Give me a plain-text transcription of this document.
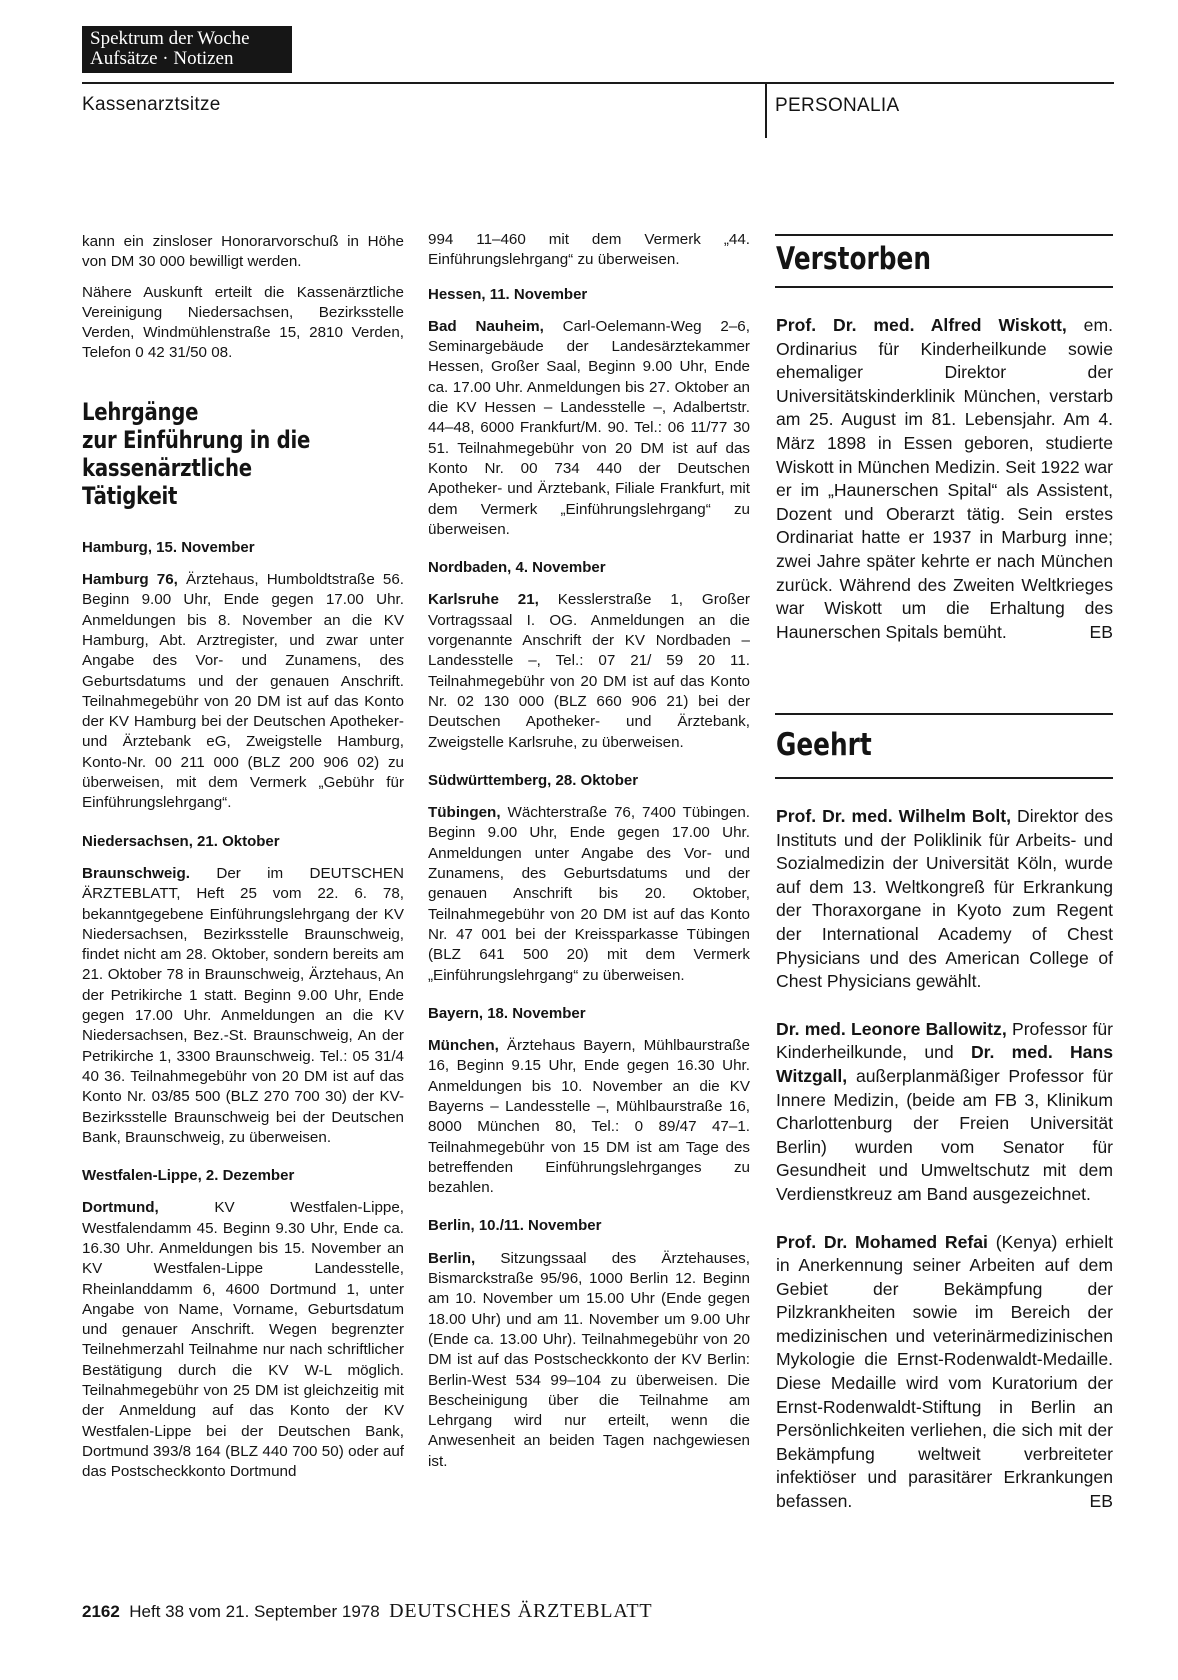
Spektrum der Woche
Aufsätze · Notizen
Kassenarztsitze	PERSONALIA

kann ein zinsloser Honorarvorschuß in Höhe von DM 30 000 bewilligt werden.

Nähere Auskunft erteilt die Kassenärztliche Vereinigung Niedersachsen, Bezirksstelle Verden, Windmühlenstraße 15, 2810 Verden, Telefon 0 42 31/50 08.

Lehrgänge
zur Einführung in die
kassenärztliche Tätigkeit
Hamburg, 15. November

Hamburg 76, Ärztehaus, Humboldtstraße 56. Beginn 9.00 Uhr, Ende gegen 17.00 Uhr. Anmeldungen bis 8. November an die KV Hamburg, Abt. Arztregister, und zwar unter Angabe des Vor- und Zunamens, des Geburtsdatums und der genauen Anschrift. Teilnahmegebühr von 20 DM ist auf das Konto der KV Hamburg bei der Deutschen Apotheker- und Ärztebank eG, Zweigstelle Hamburg, Konto-Nr. 00 211 000 (BLZ 200 906 02) zu überweisen, mit dem Vermerk „Gebühr für Einführungslehrgang“.

Niedersachsen, 21. Oktober

Braunschweig. Der im DEUTSCHEN ÄRZTEBLATT, Heft 25 vom 22. 6. 78, bekanntgegebene Einführungslehrgang der KV Niedersachsen, Bezirksstelle Braunschweig, findet nicht am 28. Oktober, sondern bereits am 21. Oktober 78 in Braunschweig, Ärztehaus, An der Petrikirche 1 statt. Beginn 9.00 Uhr, Ende gegen 17.00 Uhr. Anmeldungen an die KV Niedersachsen, Bez.-St. Braunschweig, An der Petrikirche 1, 3300 Braunschweig. Tel.: 05 31/4 40 36. Teilnahmegebühr von 20 DM ist auf das Konto Nr. 03/85 500 (BLZ 270 700 30) der KV-Bezirksstelle Braunschweig bei der Deutschen Bank, Braunschweig, zu überweisen.

Westfalen-Lippe, 2. Dezember

Dortmund, KV Westfalen-Lippe, Westfalendamm 45. Beginn 9.30 Uhr, Ende ca. 16.30 Uhr. Anmeldungen bis 15. November an KV Westfalen-Lippe Landesstelle, Rheinlanddamm 6, 4600 Dortmund 1, unter Angabe von Name, Vorname, Geburtsdatum und genauer Anschrift. Wegen begrenzter Teilnehmerzahl Teilnahme nur nach schriftlicher Bestätigung durch die KV W-L möglich. Teilnahmegebühr von 25 DM ist gleichzeitig mit der Anmeldung auf das Konto der KV Westfalen-Lippe bei der Deutschen Bank, Dortmund 393/8 164 (BLZ 440 700 50) oder auf das Postscheckkonto Dortmund

994 11–460 mit dem Vermerk „44. Einführungslehrgang“ zu überweisen.

Hessen, 11. November

Bad Nauheim, Carl-Oelemann-Weg 2–6, Seminargebäude der Landesärztekammer Hessen, Großer Saal, Beginn 9.00 Uhr, Ende ca. 17.00 Uhr. Anmeldungen bis 27. Oktober an die KV Hessen – Landesstelle –, Adalbertstr. 44–48, 6000 Frankfurt/M. 90. Tel.: 06 11/77 30 51. Teilnahmegebühr von 20 DM ist auf das Konto Nr. 00 734 440 der Deutschen Apotheker- und Ärztebank, Filiale Frankfurt, mit dem Vermerk „Einführungslehrgang“ zu überweisen.

Nordbaden, 4. November

Karlsruhe 21, Kesslerstraße 1, Großer Vortragssaal I. OG. Anmeldungen an die vorgenannte Anschrift der KV Nordbaden – Landesstelle –, Tel.: 07 21/ 59 20 11. Teilnahmegebühr von 20 DM ist auf das Konto Nr. 02 130 000 (BLZ 660 906 21) bei der Deutschen Apotheker- und Ärztebank, Zweigstelle Karlsruhe, zu überweisen.

Südwürttemberg, 28. Oktober

Tübingen, Wächterstraße 76, 7400 Tübingen. Beginn 9.00 Uhr, Ende gegen 17.00 Uhr. Anmeldungen unter Angabe des Vor- und Zunamens, des Geburtsdatums und der genauen Anschrift bis 20. Oktober, Teilnahmegebühr von 20 DM ist auf das Konto Nr. 47 001 bei der Kreissparkasse Tübingen (BLZ 641 500 20) mit dem Vermerk „Einführungslehrgang“ zu überweisen.

Bayern, 18. November

München, Ärztehaus Bayern, Mühlbaurstraße 16, Beginn 9.15 Uhr, Ende gegen 16.30 Uhr. Anmeldungen bis 10. November an die KV Bayerns – Landesstelle –, Mühlbaurstraße 16, 8000 München 80, Tel.: 0 89/47 47–1. Teilnahmegebühr von 15 DM ist am Tage des betreffenden Einführungslehrganges zu bezahlen.

Berlin, 10./11. November

Berlin, Sitzungssaal des Ärztehauses, Bismarckstraße 95/96, 1000 Berlin 12. Beginn am 10. November um 15.00 Uhr (Ende gegen 18.00 Uhr) und am 11. November um 9.00 Uhr (Ende ca. 13.00 Uhr). Teilnahmegebühr von 20 DM ist auf das Postscheckkonto der KV Berlin: Berlin-West 534 99–104 zu überweisen. Die Bescheinigung über die Teilnahme am Lehrgang wird nur erteilt, wenn die Anwesenheit an beiden Tagen nachgewiesen ist.

Verstorben

Prof. Dr. med. Alfred Wiskott, em. Ordinarius für Kinderheilkunde sowie ehemaliger Direktor der Universitätskinderklinik München, verstarb am 25. August im 81. Lebensjahr. Am 4. März 1898 in Essen geboren, studierte Wiskott in München Medizin. Seit 1922 war er im „Haunerschen Spital“ als Assistent, Dozent und Oberarzt tätig. Sein erstes Ordinariat hatte er 1937 in Marburg inne; zwei Jahre später kehrte er nach München zurück. Während des Zweiten Weltkrieges war Wiskott um die Erhaltung des Haunerschen Spitals bemüht.	EB

Geehrt

Prof. Dr. med. Wilhelm Bolt, Direktor des Instituts und der Poliklinik für Arbeits- und Sozialmedizin der Universität Köln, wurde auf dem 13. Weltkongreß für Erkrankung der Thoraxorgane in Kyoto zum Regent der International Academy of Chest Physicians und des American College of Chest Physicians gewählt.

Dr. med. Leonore Ballowitz, Professor für Kinderheilkunde, und Dr. med. Hans Witzgall, außerplanmäßiger Professor für Innere Medizin, (beide am FB 3, Klinikum Charlottenburg der Freien Universität Berlin) wurden vom Senator für Gesundheit und Umweltschutz mit dem Verdienstkreuz am Band ausgezeichnet.

Prof. Dr. Mohamed Refai (Kenya) erhielt in Anerkennung seiner Arbeiten auf dem Gebiet der Bekämpfung der Pilzkrankheiten sowie im Bereich der medizinischen und veterinärmedizinischen Mykologie die Ernst-Rodenwaldt-Medaille. Diese Medaille wird vom Kuratorium der Ernst-Rodenwaldt-Stiftung in Berlin an Persönlichkeiten verliehen, die sich mit der Bekämpfung weltweit verbreiteter infektiöser und parasitärer Erkrankungen befassen.	EB

2162 Heft 38 vom 21. September 1978 DEUTSCHES ÄRZTEBLATT
